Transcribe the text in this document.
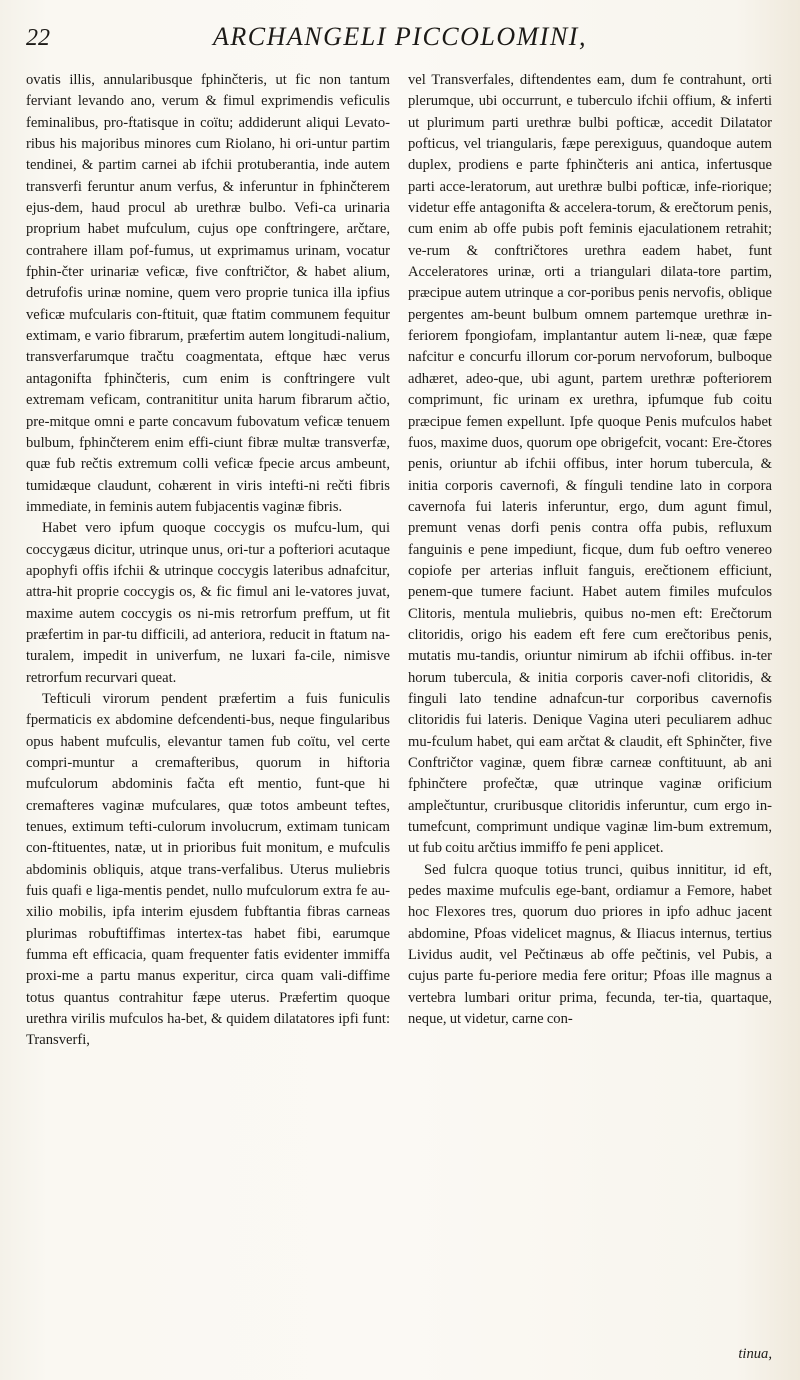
22	ARCHANGELI PICCOLOMINI,

ovatis illis, annularibusque fphinčteris, ut fic non tantum ferviant levando ano, verum & fimul exprimendis veficulis feminalibus, pro-ftatisque in coïtu; addiderunt aliqui Levato-ribus his majoribus minores cum Riolano, hi ori-untur partim tendinei, & partim carnei ab ifchii protuberantia, inde autem transverfi feruntur anum verfus, & inferuntur in fphinčterem ejus-dem, haud procul ab urethræ bulbo. Vefi-ca urinaria proprium habet mufculum, cujus ope conftringere, arčtare, contrahere illam pof-fumus, ut exprimamus urinam, vocatur fphin-čter urinariæ veficæ, five conftričtor, & habet alium, detrufofis urinæ nomine, quem vero proprie tunica illa ipfius veficæ mufcularis con-ftituit, quæ ftatim communem fequitur extimam, e vario fibrarum, præfertim autem longitudi-nalium, transverfarumque tračtu coagmentata, eftque hæc verus antagonifta fphinčteris, cum enim is conftringere vult extremam veficam, contranititur unita harum fibrarum ačtio, pre-mitque omni e parte concavum fubovatum veficæ tenuem bulbum, fphinčterem enim effi-ciunt fibræ multæ transverfæ, quæ fub rečtis extremum colli veficæ fpecie arcus ambeunt, tumidæque claudunt, cohærent in viris intefti-ni rečti fibris immediate, in feminis autem fubjacentis vaginæ fibris.

Habet vero ipfum quoque coccygis os mufcu-lum, qui coccygæus dicitur, utrinque unus, ori-tur a pofteriori acutaque apophyfi offis ifchii & utrinque coccygis lateribus adnafcitur, attra-hit proprie coccygis os, & fic fimul ani le-vatores juvat, maxime autem coccygis os ni-mis retrorfum preffum, ut fit præfertim in par-tu difficili, ad anteriora, reducit in ftatum na-turalem, impedit in univerfum, ne luxari fa-cile, nimisve retrorfum recurvari queat.

Tefticuli virorum pendent præfertim a fuis funiculis fpermaticis ex abdomine defcendenti-bus, neque fingularibus opus habent mufculis, elevantur tamen fub coïtu, vel certe compri-muntur a cremafteribus, quorum in hiftoria mufculorum abdominis fačta eft mentio, funt-que hi cremafteres vaginæ mufculares, quæ totos ambeunt teftes, tenues, extimum tefti-culorum involucrum, extimam tunicam con-ftituentes, natæ, ut in prioribus fuit monitum, e mufculis abdominis obliquis, atque trans-verfalibus. Uterus muliebris fuis quafi e liga-mentis pendet, nullo mufculorum extra fe au-xilio mobilis, ipfa interim ejusdem fubftantia fibras carneas plurimas robuftiffimas intertex-tas habet fibi, earumque fumma eft efficacia, quam frequenter fatis evidenter immiffa proxi-me a partu manus experitur, circa quam vali-diffime totus quantus contrahitur fæpe uterus. Præfertim quoque urethra virilis mufculos ha-bet, & quidem dilatatores ipfi funt: Transverfi,

vel Transverfales, diftendentes eam, dum fe contrahunt, orti plerumque, ubi occurrunt, e tuberculo ifchii offium, & inferti ut plurimum parti urethræ bulbi pofticæ, accedit Dilatator pofticus, vel triangularis, fæpe perexiguus, quandoque autem duplex, prodiens e parte fphinčteris ani antica, infertusque parti acce-leratorum, aut urethræ bulbi pofticæ, infe-riorique; videtur effe antagonifta & accelera-torum, & erečtorum penis, cum enim ab offe pubis poft feminis ejaculationem retrahit; ve-rum & conftričtores urethra eadem habet, funt Acceleratores urinæ, orti a triangulari dilata-tore partim, præcipue autem utrinque a cor-poribus penis nervofis, oblique pergentes am-beunt bulbum omnem partemque urethræ in-feriorem fpongiofam, implantantur autem li-neæ, quæ fæpe nafcitur e concurfu illorum cor-porum nervoforum, bulboque adhæret, adeo-que, ubi agunt, partem urethræ pofteriorem comprimunt, fic urinam ex urethra, ipfumque fub coitu præcipue femen expellunt. Ipfe quoque Penis mufculos habet fuos, maxime duos, quorum ope obrigefcit, vocant: Ere-čtores penis, oriuntur ab ifchii offibus, inter horum tubercula, & initia corporis cavernofi, & fínguli tendine lato in corpora cavernofa fui lateris inferuntur, ergo, dum agunt fimul, premunt venas dorfi penis contra offa pubis, refluxum fanguinis e pene impediunt, ficque, dum fub oeftro venereo copiofe per arterias influit fanguis, erečtionem efficiunt, penem-que tumere faciunt. Habet autem fimiles mufculos Clitoris, mentula muliebris, quibus no-men eft: Erečtorum clitoridis, origo his eadem eft fere cum erečtoribus penis, mutatis mu-tandis, oriuntur nimirum ab ifchii offibus. in-ter horum tubercula, & initia corporis caver-nofi clitoridis, & finguli lato tendine adnafcun-tur corporibus cavernofis clitoridis fui lateris. Denique Vagina uteri peculiarem adhuc mu-fculum habet, qui eam arčtat & claudit, eft Sphinčter, five Conftričtor vaginæ, quem fibræ carneæ conftituunt, ab ani fphinčtere profečtæ, quæ utrinque vaginæ orificium amplečtuntur, cruribusque clitoridis inferuntur, cum ergo in-tumefcunt, comprimunt undique vaginæ lim-bum extremum, ut fub coitu arčtius immiffo fe peni applicet.

Sed fulcra quoque totius trunci, quibus innititur, id eft, pedes maxime mufculis ege-bant, ordiamur a Femore, habet hoc Flexores tres, quorum duo priores in ipfo adhuc jacent abdomine, Pfoas videlicet magnus, & Iliacus internus, tertius Lividus audit, vel Pečtinæus ab offe pečtinis, vel Pubis, a cujus parte fu-periore media fere oritur; Pfoas ille magnus a vertebra lumbari oritur prima, fecunda, ter-tia, quartaque, neque, ut videtur, carne con-

tinua,
